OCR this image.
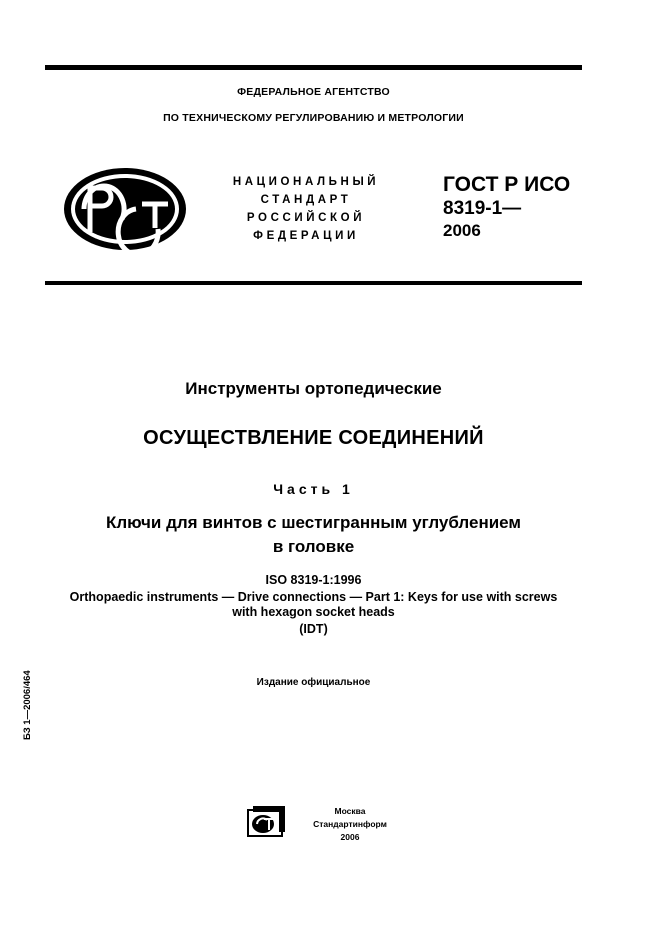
ФЕДЕРАЛЬНОЕ АГЕНТСТВО
ПО ТЕХНИЧЕСКОМУ РЕГУЛИРОВАНИЮ И МЕТРОЛОГИИ
НАЦИОНАЛЬНЫЙ
СТАНДАРТ
РОССИЙСКОЙ
ФЕДЕРАЦИИ
ГОСТ Р ИСО
8319-1—
2006
Инструменты ортопедические
ОСУЩЕСТВЛЕНИЕ СОЕДИНЕНИЙ
Часть 1
Ключи для винтов с шестигранным углублением
в головке
ISO 8319-1:1996
Orthopaedic instruments — Drive connections — Part 1: Keys for use with screws
with hexagon socket heads
(IDT)
Издание официальное
БЗ 1—2006/464
Москва
Стандартинформ
2006
